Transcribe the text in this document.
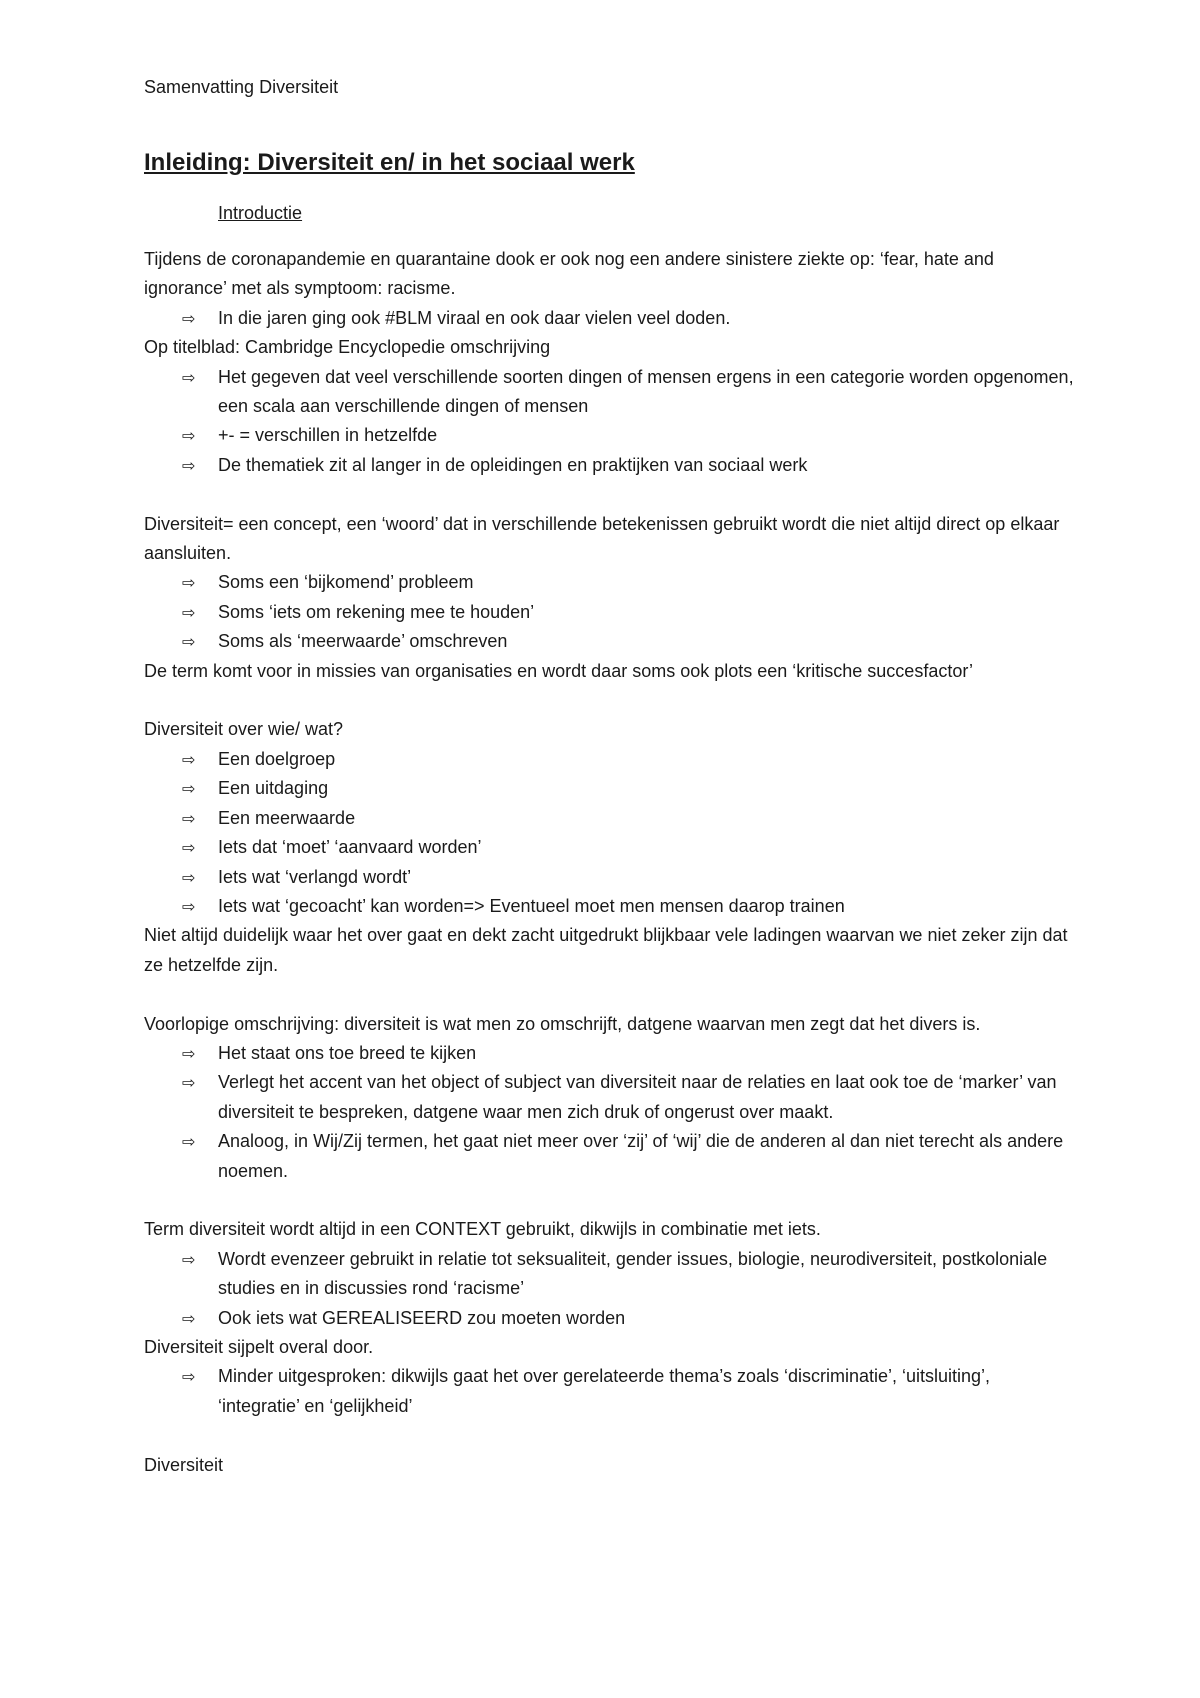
Samenvatting Diversiteit
Inleiding: Diversiteit en/ in het sociaal werk
Introductie

Tijdens de coronapandemie en quarantaine dook er ook nog een andere sinistere ziekte op: ‘fear, hate and ignorance’ met als symptoom: racisme.

⇨ In die jaren ging ook #BLM viraal en ook daar vielen veel doden.

Op titelblad: Cambridge Encyclopedie omschrijving

⇨ Het gegeven dat veel verschillende soorten dingen of mensen ergens in een categorie worden opgenomen, een scala aan verschillende dingen of mensen
⇨ +- = verschillen in hetzelfde
⇨ De thematiek zit al langer in de opleidingen en praktijken van sociaal werk

Diversiteit= een concept, een ‘woord’ dat in verschillende betekenissen gebruikt wordt die niet altijd direct op elkaar aansluiten.

⇨ Soms een ‘bijkomend’ probleem
⇨ Soms ‘iets om rekening mee te houden’
⇨ Soms als ‘meerwaarde’ omschreven

De term komt voor in missies van organisaties en wordt daar soms ook plots een ‘kritische succesfactor’

Diversiteit over wie/ wat?

⇨ Een doelgroep
⇨ Een uitdaging
⇨ Een meerwaarde
⇨ Iets dat ‘moet’ ‘aanvaard worden’
⇨ Iets wat ‘verlangd wordt’
⇨ Iets wat ‘gecoacht’ kan worden=> Eventueel moet men mensen daarop trainen

Niet altijd duidelijk waar het over gaat en dekt zacht uitgedrukt blijkbaar vele ladingen waarvan we niet zeker zijn dat ze hetzelfde zijn.

Voorlopige omschrijving: diversiteit is wat men zo omschrijft, datgene waarvan men zegt dat het divers is.

⇨ Het staat ons toe breed te kijken
⇨ Verlegt het accent van het object of subject van diversiteit naar de relaties en laat ook toe de ‘marker’ van diversiteit te bespreken, datgene waar men zich druk of ongerust over maakt.
⇨ Analoog, in Wij/Zij termen, het gaat niet meer over ‘zij’ of ‘wij’ die de anderen al dan niet terecht als andere noemen.

Term diversiteit wordt altijd in een CONTEXT gebruikt, dikwijls in combinatie met iets.

⇨ Wordt evenzeer gebruikt in relatie tot seksualiteit, gender issues, biologie, neurodiversiteit, postkoloniale studies en in discussies rond ‘racisme’
⇨ Ook iets wat GEREALISEERD zou moeten worden

Diversiteit sijpelt overal door.

⇨ Minder uitgesproken: dikwijls gaat het over gerelateerde thema’s zoals ‘discriminatie’, ‘uitsluiting’, ‘integratie’ en ‘gelijkheid’

Diversiteit
